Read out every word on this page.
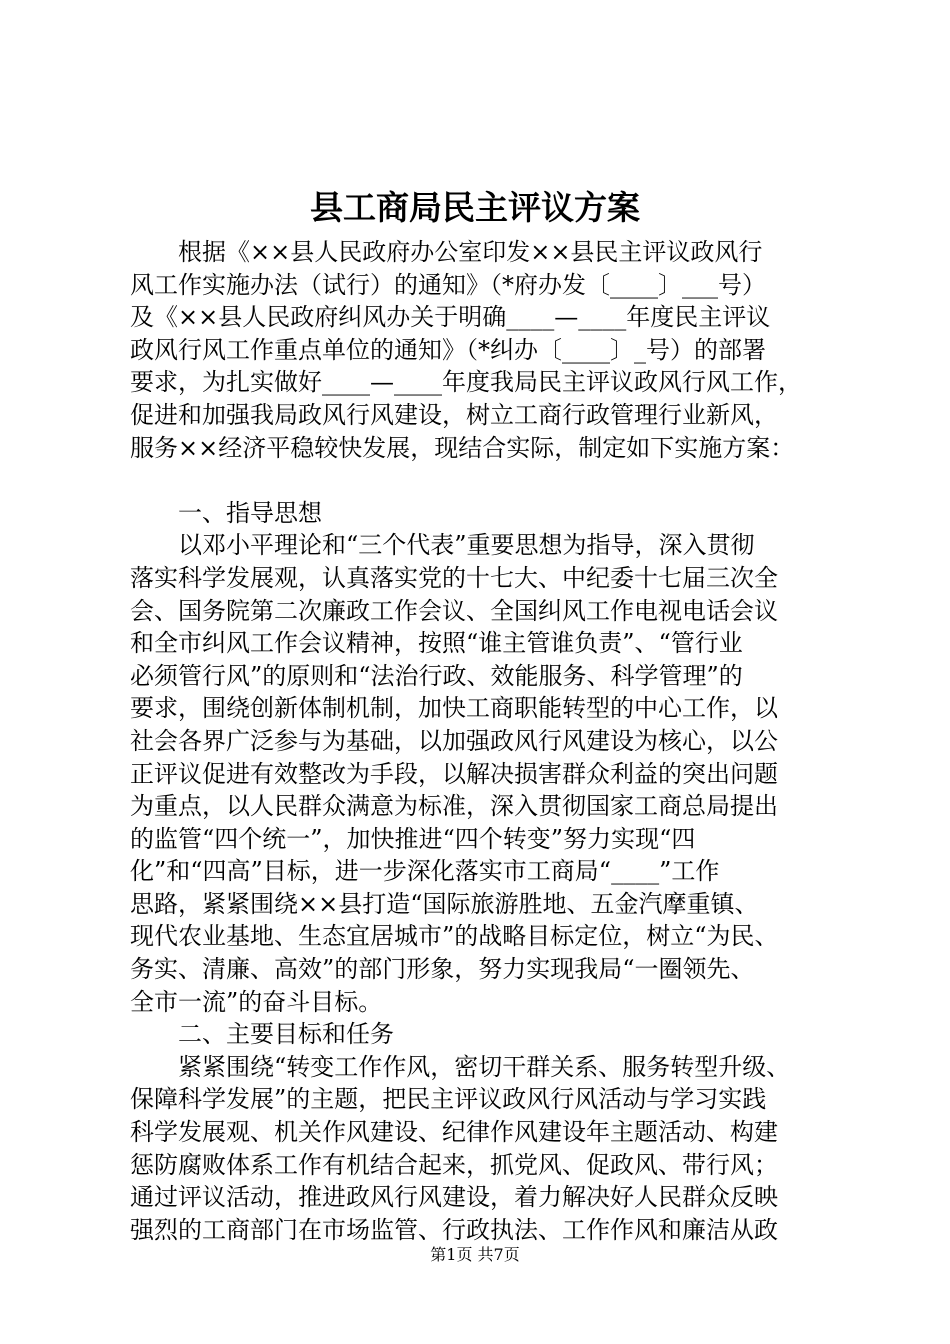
县工商局民主评议方案
　　根据《××县人民政府办公室印发××县民主评议政风行
风工作实施办法（试行）的通知》（*府办发〔____〕___号）
及《××县人民政府纠风办关于明确____—____年度民主评议
政风行风工作重点单位的通知》（*纠办〔____〕_号）的部署
要求，为扎实做好____—____年度我局民主评议政风行风工作，
促进和加强我局政风行风建设，树立工商行政管理行业新风，
服务××经济平稳较快发展，现结合实际，制定如下实施方案：
　　一、指导思想
　　以邓小平理论和“三个代表”重要思想为指导，深入贯彻
落实科学发展观，认真落实党的十七大、中纪委十七届三次全
会、国务院第二次廉政工作会议、全国纠风工作电视电话会议
和全市纠风工作会议精神，按照“谁主管谁负责”、“管行业
必须管行风”的原则和“法治行政、效能服务、科学管理”的
要求，围绕创新体制机制，加快工商职能转型的中心工作，以
社会各界广泛参与为基础，以加强政风行风建设为核心，以公
正评议促进有效整改为手段，以解决损害群众利益的突出问题
为重点，以人民群众满意为标准，深入贯彻国家工商总局提出
的监管“四个统一”，加快推进“四个转变”努力实现“四
化”和“四高”目标，进一步深化落实市工商局“____”工作
思路，紧紧围绕××县打造“国际旅游胜地、五金汽摩重镇、
现代农业基地、生态宜居城市”的战略目标定位，树立“为民、
务实、清廉、高效”的部门形象，努力实现我局“一圈领先、
全市一流”的奋斗目标。
　　二、主要目标和任务
　　紧紧围绕“转变工作作风，密切干群关系、服务转型升级、
保障科学发展”的主题，把民主评议政风行风活动与学习实践
科学发展观、机关作风建设、纪律作风建设年主题活动、构建
惩防腐败体系工作有机结合起来，抓党风、促政风、带行风；
通过评议活动，推进政风行风建设，着力解决好人民群众反映
强烈的工商部门在市场监管、行政执法、工作作风和廉洁从政
第1页 共7页
